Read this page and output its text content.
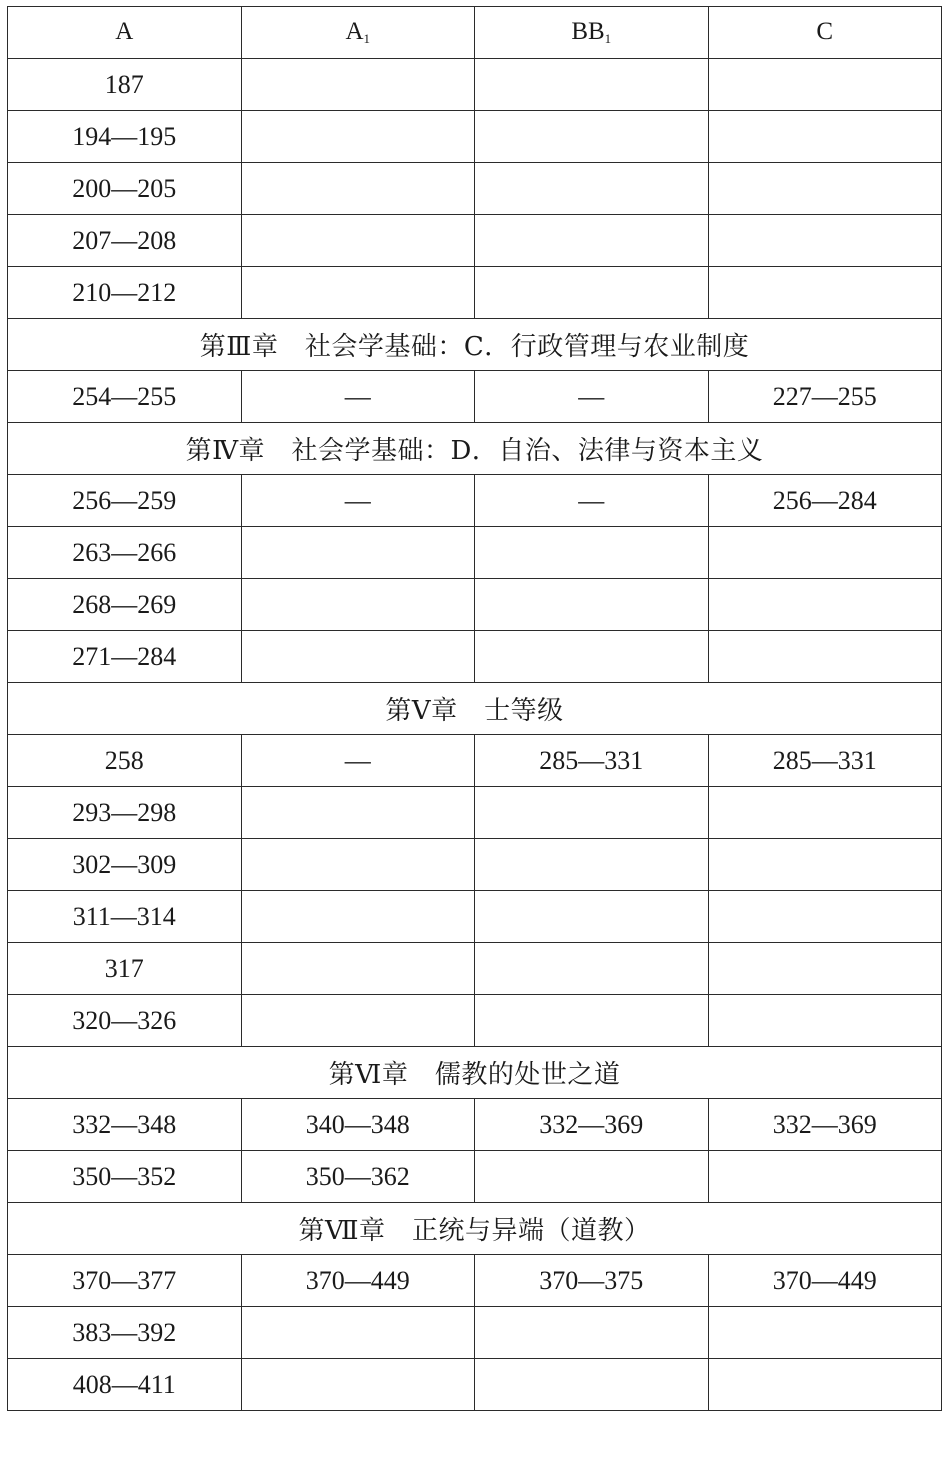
A	$A_1$	$BB_1$	C
187			
194—195			
200—205			
207—208			
210—212			
第Ⅲ章　社会学基础：C．行政管理与农业制度			
254—255	—	—	227—255
第Ⅳ章　社会学基础：D．自治、法律与资本主义			
256—259	—	—	256—284
263—266			
268—269			
271—284			
第Ⅴ章　士等级			
258	—	285—331	285—331
293—298			
302—309			
311—314			
317			
320—326			
第Ⅵ章　儒教的处世之道			
332—348	340—348	332—369	332—369
350—352	350—362		
第Ⅶ章　正统与异端（道教）			
370—377	370—449	370—375	370—449
383—392			
408—411			
